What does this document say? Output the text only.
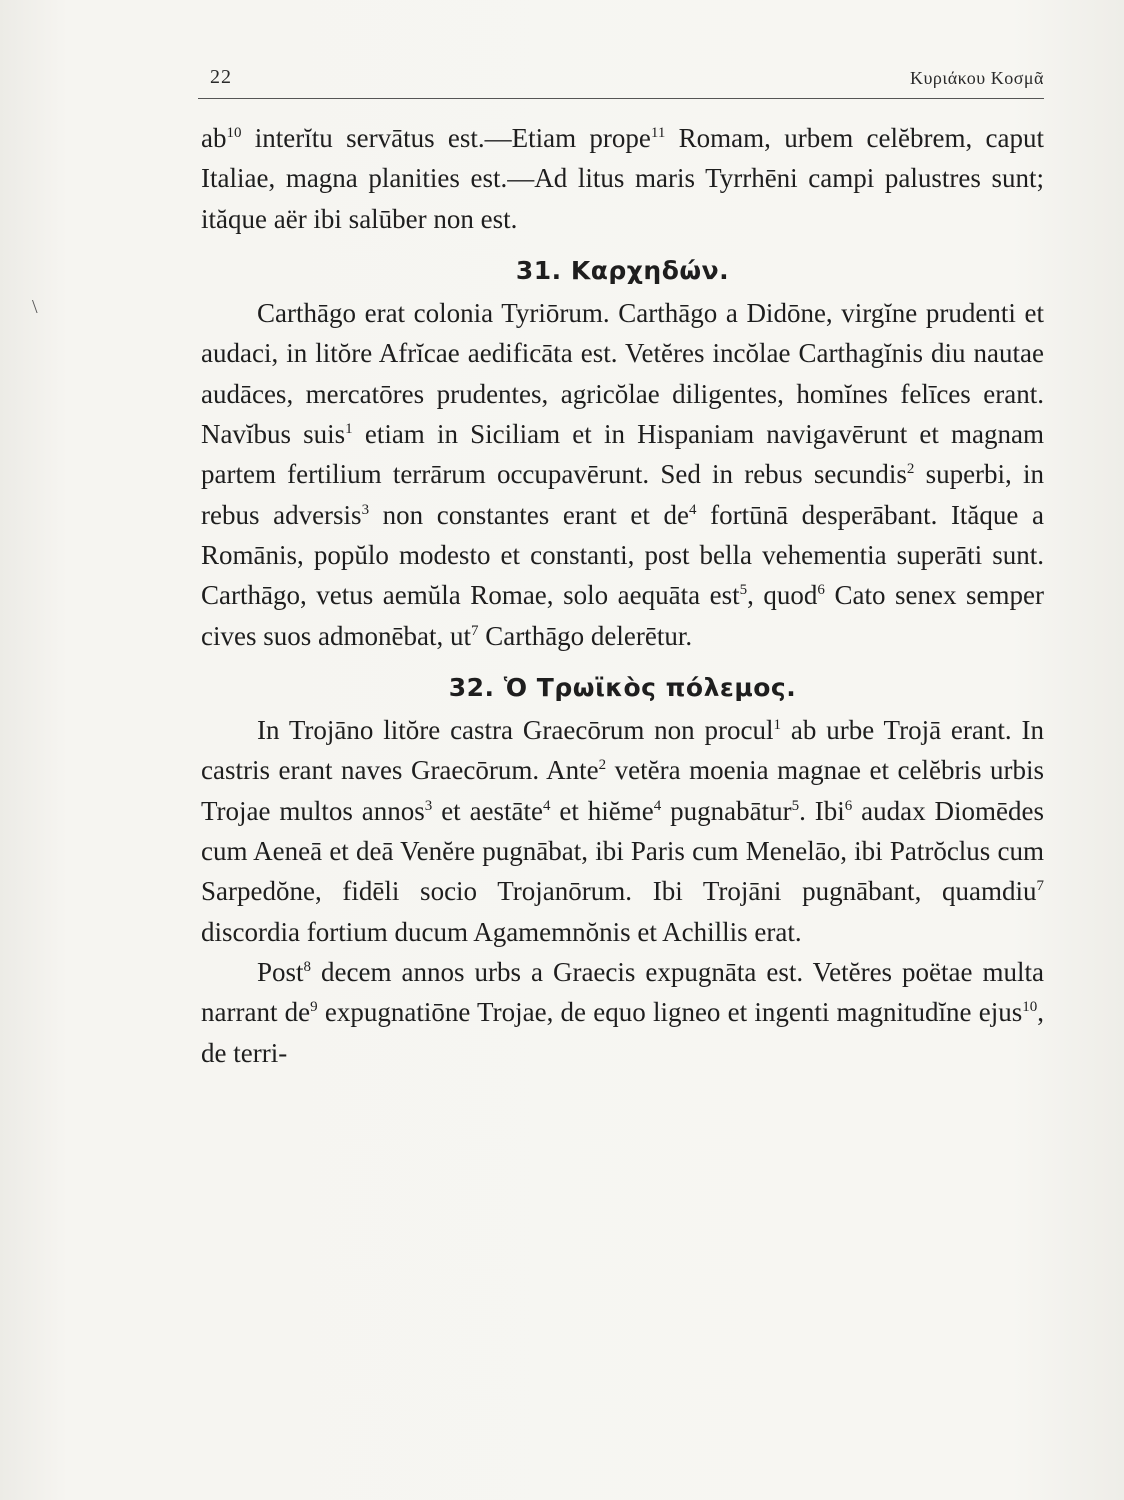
22	Κυριάκου Κοσμᾶ
\

$ab^{10}$ interĭtu servātus est.—Etiam prope$^{11}$ Romam, urbem celĕbrem, caput Italiae, magna planities est.—Ad litus maris Tyrrhēni campi palustres sunt; ităque aër ibi salūber non est.

31. Καρχηδών.

Carthāgo erat colonia Tyriōrum. Carthāgo a Didōne, virgĭne prudenti et audaci, in litŏre Afrĭcae aedificāta est. Vetĕres incŏlae Carthagĭnis diu nautae audāces, mercatōres prudentes, agricŏlae diligentes, homĭnes felīces erant. Navĭbus suis$^1$ etiam in Siciliam et in Hispaniam navigavērunt et magnam partem fertilium terrārum occupavērunt. Sed in rebus secundis$^2$ superbi, in rebus adversis$^3$ non constantes erant et $de^4$ fortūnā desperābant. Ităque a Romānis, popŭlo modesto et constanti, post bella vehementia superāti sunt. Carthāgo, vetus aemŭla Romae, solo aequāta est$^5$, quod$^6$ Cato senex semper cives suos admonēbat, $ut^7$ Carthāgo delerētur.

32. Ὁ Τρωϊκὸς πόλεμος.

In Trojāno litŏre castra Graecōrum non procul$^1$ ab urbe Trojā erant. In castris erant naves Graecōrum. Ante$^2$ vetĕra moenia magnae et celĕbris urbis Trojae multos annos$^3$ et aestāte$^4$ et hiĕme$^4$ pugnabātur$^5$. Ibi$^6$ audax Diomēdes cum Aeneā et deā Venĕre pugnābat, ibi Paris cum Menelāo, ibi Patrŏclus cum Sarpedŏne, fidēli socio Trojanōrum. Ibi Trojāni pugnābant, quamdiu$^7$ discordia fortium ducum Agamemnŏnis et Achillis erat.

Post$^8$ decem annos urbs a Graecis expugnāta est. Vetĕres poëtae multa narrant $de^9$ expugnatiōne Trojae, de equo ligneo et ingenti magnitudĭne ejus$^{10}$, de terri-
